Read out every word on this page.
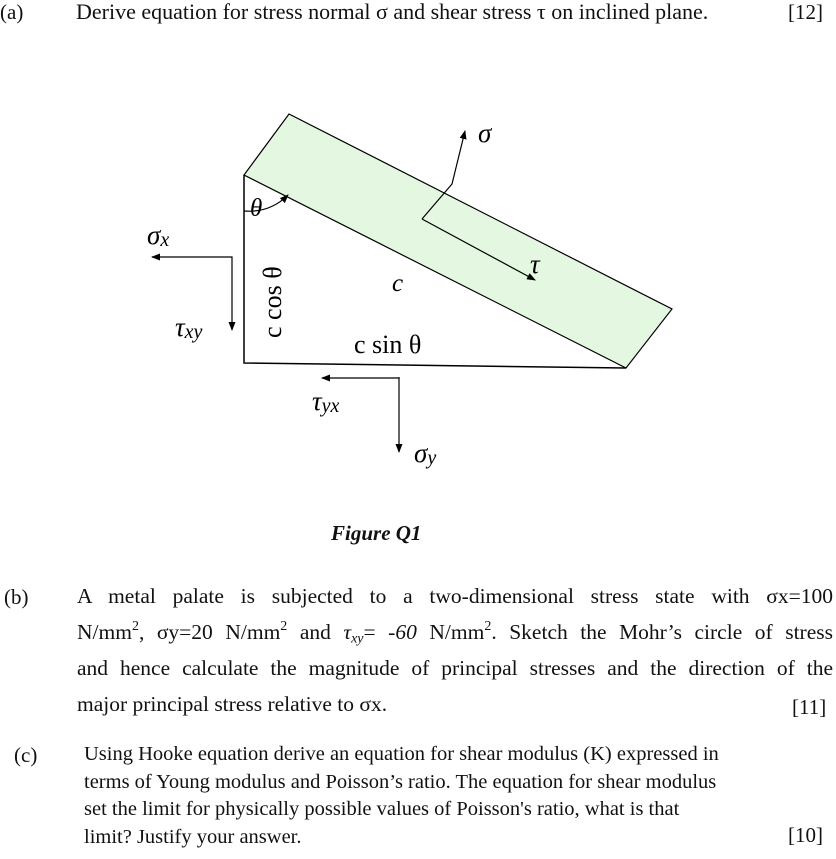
(a) Derive equation for stress normal σ and shear stress τ on inclined plane.	[12]
σ
τ
θ
c
c sin θ
c cos θ
σx
τxy
τyx
σy
Figure Q1
(b) A metal palate is subjected to a two-dimensional stress state with σx=100
$N/mm^2$, σy=20 $N/mm^2$ and $\tau_{xy}= -60$ $N/mm^2$. Sketch the Mohr’s circle of stress
and hence calculate the magnitude of principal stresses and the direction of the
major principal stress relative to σx.	[11]
(c) Using Hooke equation derive an equation for shear modulus (K) expressed in
terms of Young modulus and Poisson’s ratio. The equation for shear modulus
set the limit for physically possible values of Poisson's ratio, what is that
limit? Justify your answer.	[10]
